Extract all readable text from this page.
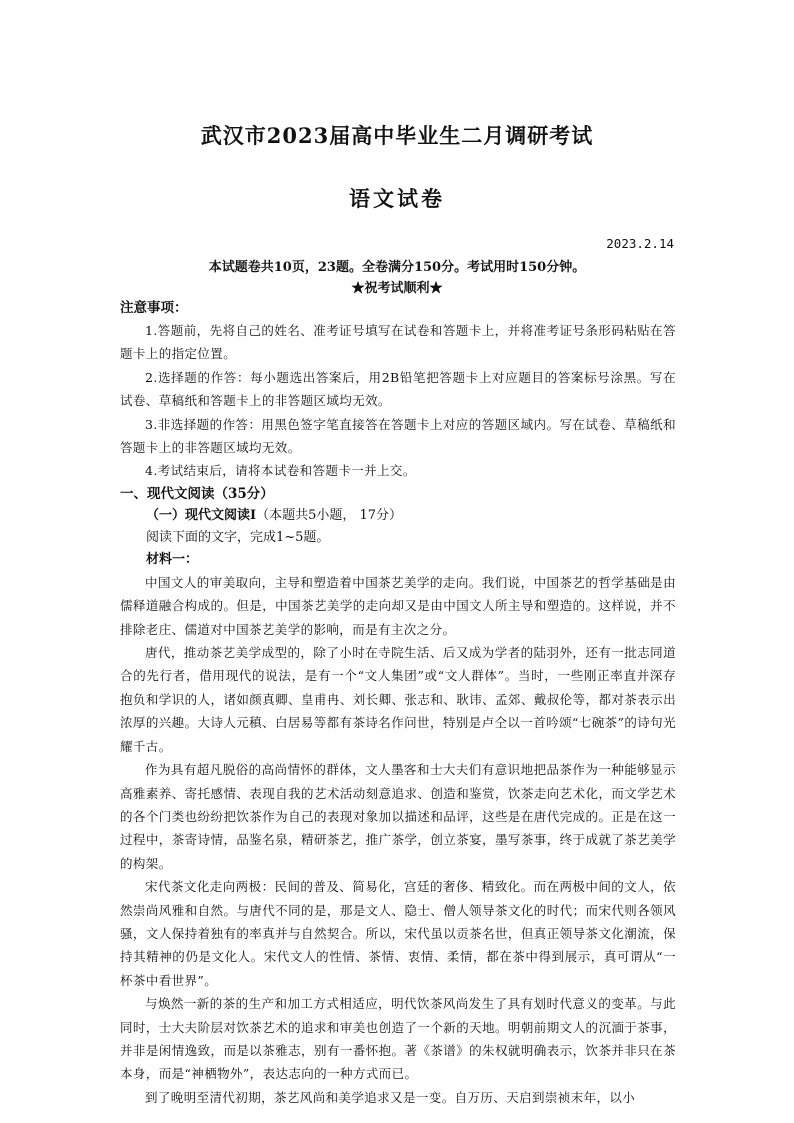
武汉市2023届高中毕业生二月调研考试
语文试卷
2023.2.14
本试题卷共10页，23题。全卷满分150分。考试用时150分钟。
★祝考试顺利★

注意事项：

1.答题前，先将自己的姓名、准考证号填写在试卷和答题卡上，并将准考证号条形码粘贴在答题卡上的指定位置。

2.选择题的作答：每小题选出答案后，用2B铅笔把答题卡上对应题目的答案标号涂黑。写在试卷、草稿纸和答题卡上的非答题区域均无效。

3.非选择题的作答：用黑色签字笔直接答在答题卡上对应的答题区域内。写在试卷、草稿纸和答题卡上的非答题区域均无效。

4.考试结束后，请将本试卷和答题卡一并上交。

一、现代文阅读（35分）

（一）现代文阅读Ⅰ（本题共5小题， 17分）

阅读下面的文字，完成1~5题。

材料一：

中国文人的审美取向，主导和塑造着中国茶艺美学的走向。我们说，中国茶艺的哲学基础是由儒释道融合构成的。但是，中国茶艺美学的走向却又是由中国文人所主导和塑造的。这样说，并不排除老庄、儒道对中国茶艺美学的影响，而是有主次之分。

唐代，推动茶艺美学成型的，除了小时在寺院生活、后又成为学者的陆羽外，还有一批志同道合的先行者，借用现代的说法，是有一个“文人集团”或“文人群体”。当时，一些刚正率直并深存抱负和学识的人，诸如颜真卿、皇甫冉、刘长卿、张志和、耿讳、孟郊、戴叔伦等，都对茶表示出浓厚的兴趣。大诗人元稹、白居易等都有茶诗名作问世，特别是卢仝以一首吟颂“七碗茶”的诗句光耀千古。

作为具有超凡脱俗的高尚情怀的群体，文人墨客和士大夫们有意识地把品茶作为一种能够显示高雅素养、寄托感情、表现自我的艺术活动刻意追求、创造和鉴赏，饮茶走向艺术化，而文学艺术的各个门类也纷纷把饮茶作为自己的表现对象加以描述和品评，这些是在唐代完成的。正是在这一过程中，茶寄诗情，品鉴名泉，精研茶艺，推广茶学，创立茶宴，墨写茶事，终于成就了茶艺美学的构架。

宋代茶文化走向两极：民间的普及、简易化，宫廷的奢侈、精致化。而在两极中间的文人，依然崇尚风雅和自然。与唐代不同的是，那是文人、隐士、僧人领导茶文化的时代；而宋代则各领风骚，文人保持着独有的率真并与自然契合。所以，宋代虽以贡茶名世，但真正领导茶文化潮流，保持其精神的仍是文化人。宋代文人的性情、茶情、衷情、柔情，都在茶中得到展示，真可谓从“一杯茶中看世界”。

与焕然一新的茶的生产和加工方式相适应，明代饮茶风尚发生了具有划时代意义的变革。与此同时，士大夫阶层对饮茶艺术的追求和审美也创造了一个新的天地。明朝前期文人的沉湎于茶事，并非是闲情逸致，而是以茶雅志，别有一番怀抱。著《茶谱》的朱权就明确表示，饮茶并非只在茶本身，而是“神栖物外”，表达志向的一种方式而已。

到了晚明至清代初期，茶艺风尚和美学追求又是一变。自万历、天启到崇祯末年，以小
